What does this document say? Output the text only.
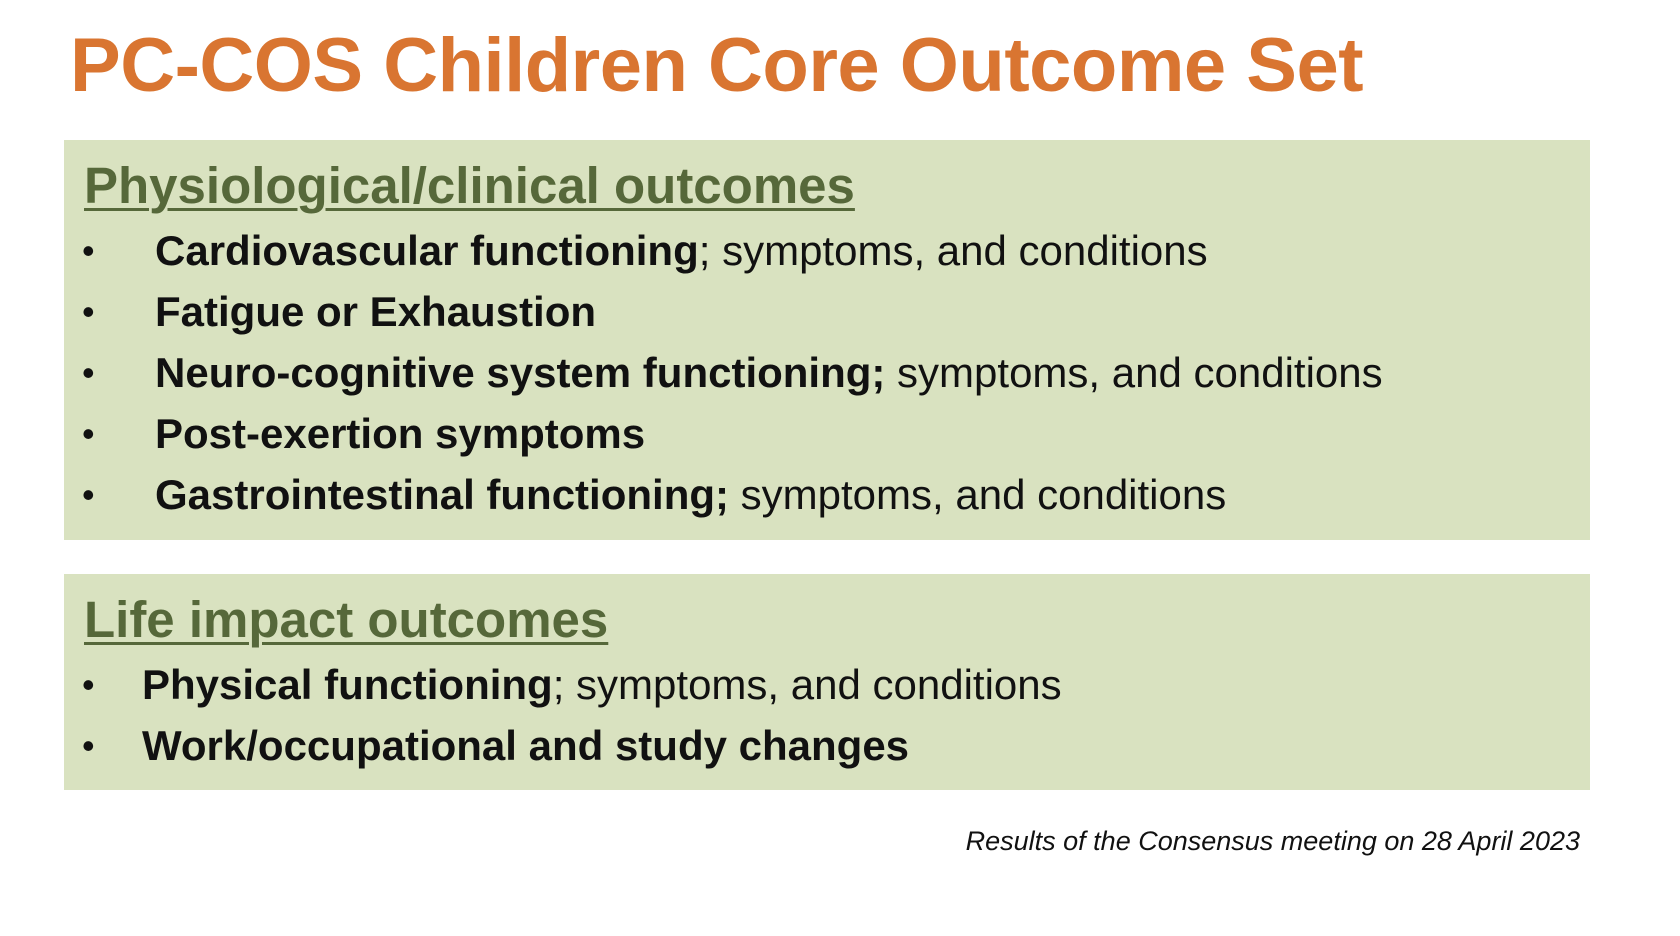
PC-COS Children Core Outcome Set
Physiological/clinical outcomes
• Cardiovascular functioning; symptoms, and conditions
• Fatigue or Exhaustion
• Neuro-cognitive system functioning; symptoms, and conditions
• Post-exertion symptoms
• Gastrointestinal functioning; symptoms, and conditions
Life impact outcomes
• Physical functioning; symptoms, and conditions
• Work/occupational and study changes

Results of the Consensus meeting on 28 April 2023
